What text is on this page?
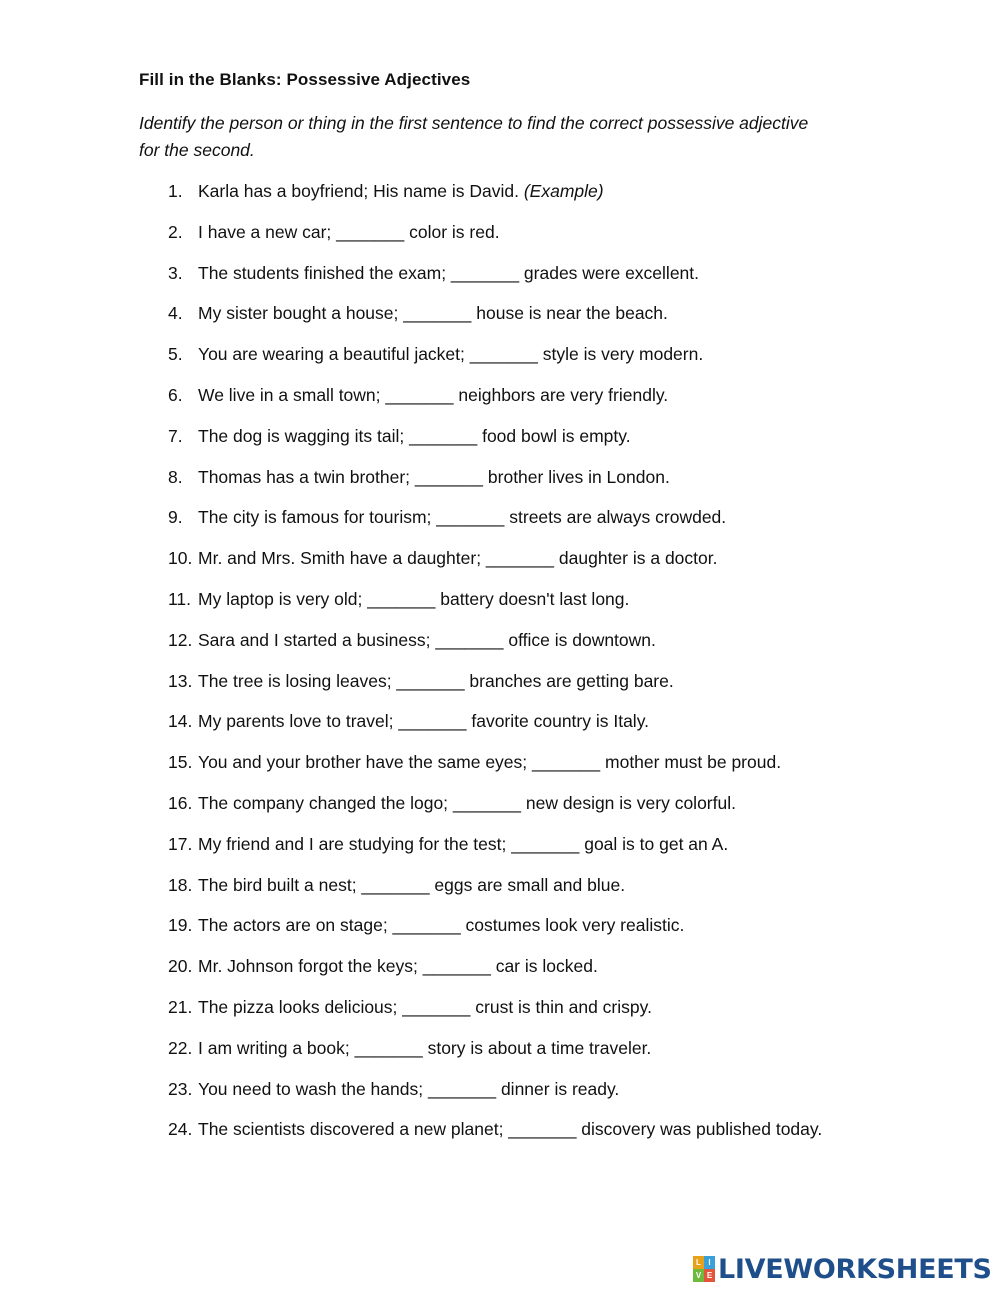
Fill in the Blanks: Possessive Adjectives
Identify the person or thing in the first sentence to find the correct possessive adjective for the second.
1. Karla has a boyfriend; His name is David. (Example)
2. I have a new car; _______ color is red.
3. The students finished the exam; _______ grades were excellent.
4. My sister bought a house; _______ house is near the beach.
5. You are wearing a beautiful jacket; _______ style is very modern.
6. We live in a small town; _______ neighbors are very friendly.
7. The dog is wagging its tail; _______ food bowl is empty.
8. Thomas has a twin brother; _______ brother lives in London.
9. The city is famous for tourism; _______ streets are always crowded.
10. Mr. and Mrs. Smith have a daughter; _______ daughter is a doctor.
11. My laptop is very old; _______ battery doesn't last long.
12. Sara and I started a business; _______ office is downtown.
13. The tree is losing leaves; _______ branches are getting bare.
14. My parents love to travel; _______ favorite country is Italy.
15. You and your brother have the same eyes; _______ mother must be proud.
16. The company changed the logo; _______ new design is very colorful.
17. My friend and I are studying for the test; _______ goal is to get an A.
18. The bird built a nest; _______ eggs are small and blue.
19. The actors are on stage; _______ costumes look very realistic.
20. Mr. Johnson forgot the keys; _______ car is locked.
21. The pizza looks delicious; _______ crust is thin and crispy.
22. I am writing a book; _______ story is about a time traveler.
23. You need to wash the hands; _______ dinner is ready.
24. The scientists discovered a new planet; _______ discovery was published today.
L I
V E LIVEWORKSHEETS
